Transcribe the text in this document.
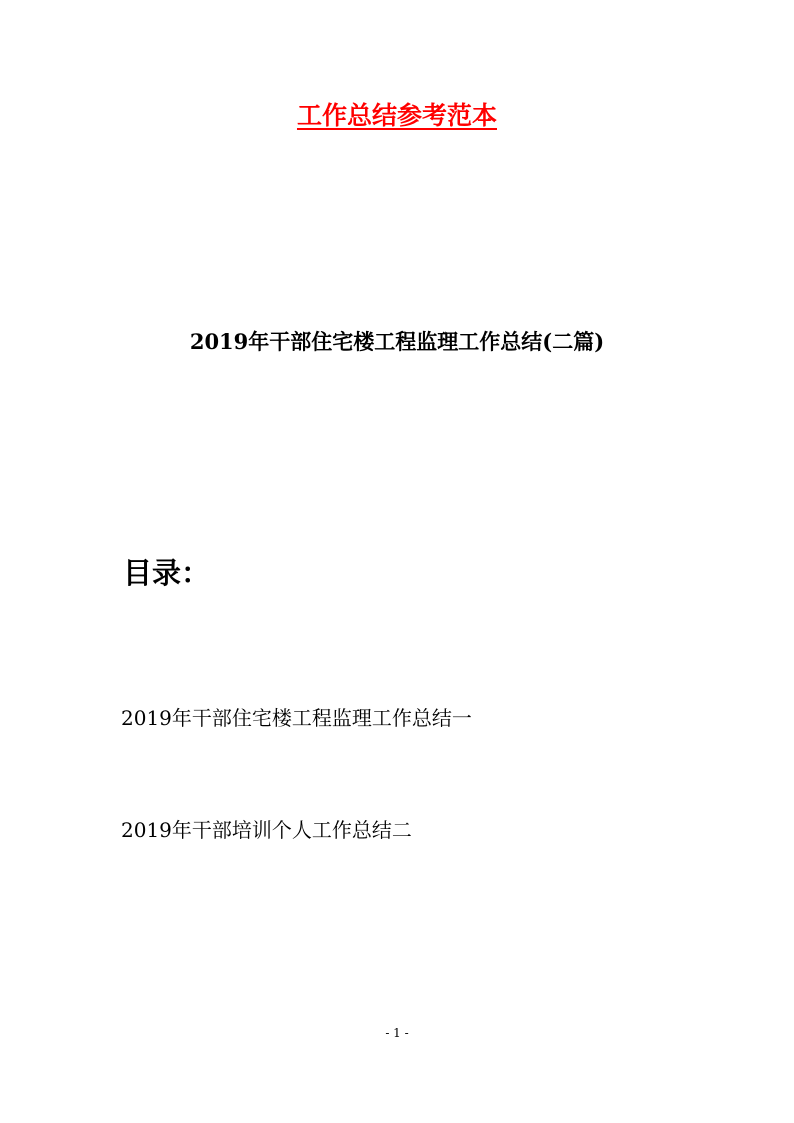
工作总结参考范本
2019年干部住宅楼工程监理工作总结(二篇)
目录：
2019年干部住宅楼工程监理工作总结一
2019年干部培训个人工作总结二
- 1 -
